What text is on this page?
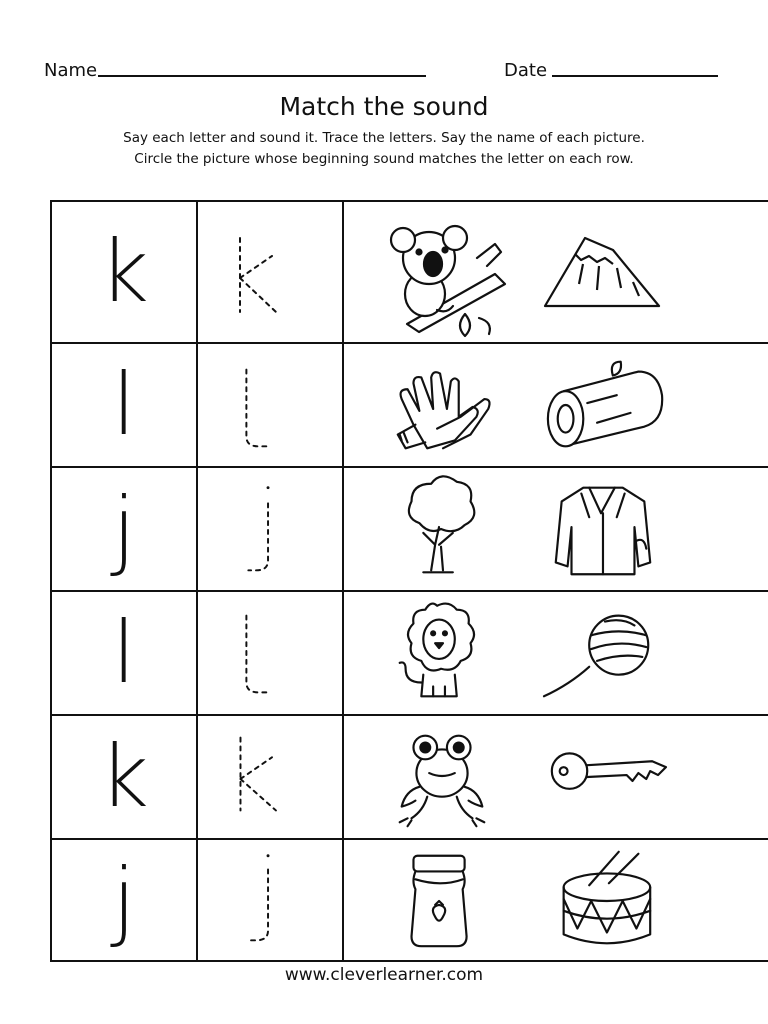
Name	Date
Match the sound
Say each letter and sound it. Trace the letters. Say the name of each picture.
Circle the picture whose beginning sound matches the letter on each row.
k
l
j
l
k
j
www.cleverlearner.com
